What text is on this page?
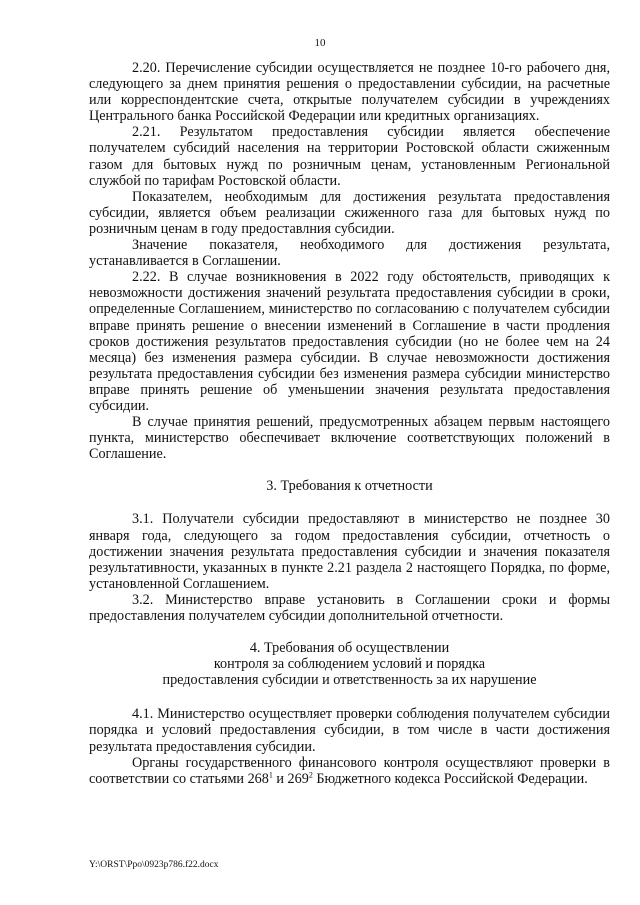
10

2.20. Перечисление субсидии осуществляется не позднее 10-го рабочего дня, следующего за днем принятия решения о предоставлении субсидии, на расчетные или корреспондентские счета, открытые получателем субсидии в учреждениях Центрального банка Российской Федерации или кредитных организациях.

2.21. Результатом предоставления субсидии является обеспечение получателем субсидий населения на территории Ростовской области сжиженным газом для бытовых нужд по розничным ценам, установленным Региональной службой по тарифам Ростовской области.

Показателем, необходимым для достижения результата предоставления субсидии, является объем реализации сжиженного газа для бытовых нужд по розничным ценам в году предоставлния субсидии.

Значение показателя, необходимого для достижения результата, устанавливается в Соглашении.

2.22. В случае возникновения в 2022 году обстоятельств, приводящих к невозможности достижения значений результата предоставления субсидии в сроки, определенные Соглашением, министерство по согласованию с получателем субсидии вправе принять решение о внесении изменений в Соглашение в части продления сроков достижения результатов предоставления субсидии (но не более чем на 24 месяца) без изменения размера субсидии. В случае невозможности достижения результата предоставления субсидии без изменения размера субсидии министерство вправе принять решение об уменьшении значения результата предоставления субсидии.

В случае принятия решений, предусмотренных абзацем первым настоящего пункта, министерство обеспечивает включение соответствующих положений в Соглашение.

3. Требования к отчетности

3.1. Получатели субсидии предоставляют в министерство не позднее 30 января года, следующего за годом предоставления субсидии, отчетность о достижении значения результата предоставления субсидии и значения показателя результативности, указанных в пункте 2.21 раздела 2 настоящего Порядка, по форме, установленной Соглашением.

3.2. Министерство вправе установить в Соглашении сроки и формы предоставления получателем субсидии дополнительной отчетности.

4. Требования об осуществлении

контроля за соблюдением условий и порядка

предоставления субсидии и ответственность за их нарушение

4.1. Министерство осуществляет проверки соблюдения получателем субсидии порядка и условий предоставления субсидии, в том числе в части достижения результата предоставления субсидии.

Органы государственного финансового контроля осуществляют проверки в соответствии со статьями $268^1$ и $269^2$ Бюджетного кодекса Российской Федерации.

Y:\ORST\Ppo\0923p786.f22.docx
